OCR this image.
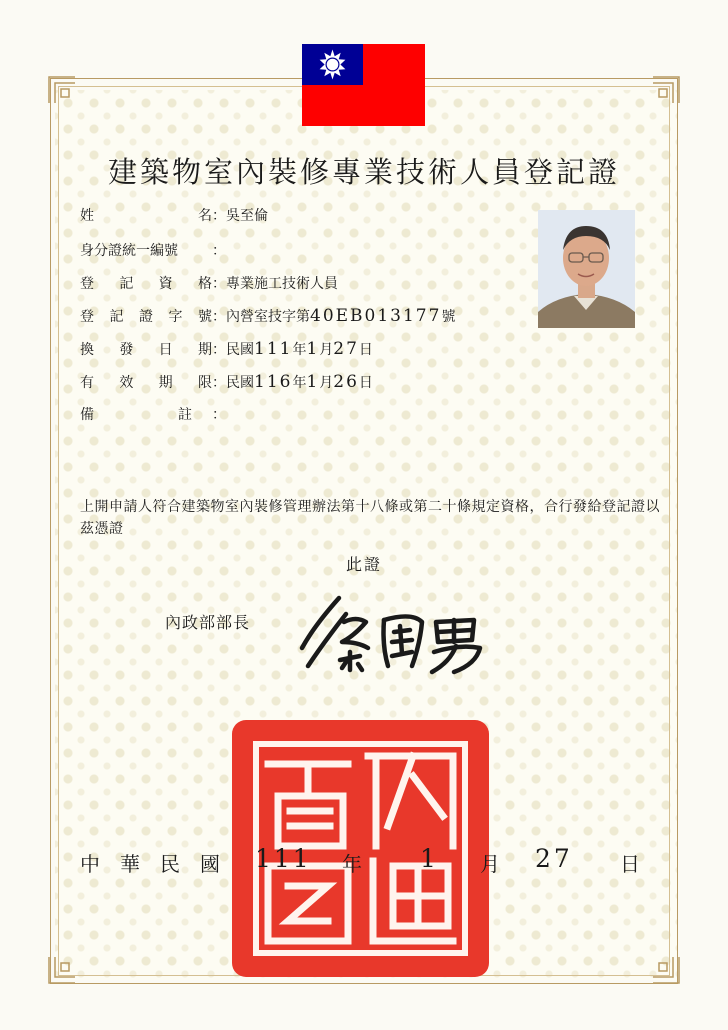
建築物室內裝修專業技術人員登記證
姓	名 ： 吳至倫
身分證統一編號 ：
登 記 資 格 ： 專業施工技術人員
登 記 證 字 號 ： 內營室技字第40EB013177號
換 發 日 期 ： 民國111年1月27日
有 效 期 限 ： 民國116年1月26日
備	註 ：
上開申請人符合建築物室內裝修管理辦法第十八條或第二十條規定資格，合行發給登記證以茲憑證
此證
內政部部長
中 華 民 國 111 年 1 月 27 日
